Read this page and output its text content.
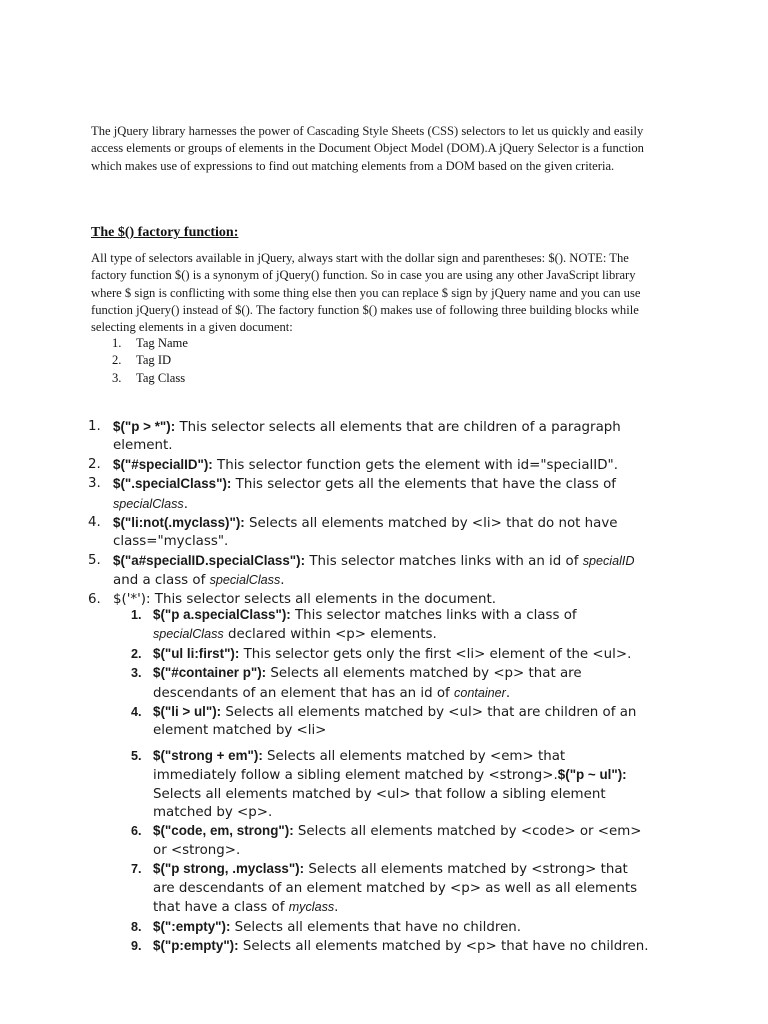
The jQuery library harnesses the power of Cascading Style Sheets (CSS) selectors to let us quickly and easily access elements or groups of elements in the Document Object Model (DOM).A jQuery Selector is a function which makes use of expressions to find out matching elements from a DOM based on the given criteria.
The $() factory function:
All type of selectors available in jQuery, always start with the dollar sign and parentheses: $(). NOTE: The factory function $() is a synonym of jQuery() function. So in case you are using any other JavaScript library where $ sign is conflicting with some thing else then you can replace $ sign by jQuery name and you can use function jQuery() instead of $(). The factory function $() makes use of following three building blocks while selecting elements in a given document:
1.	Tag Name
2.	Tag ID
3.	Tag Class
1. $("p > *"): This selector selects all elements that are children of a paragraph element.
2. $("#specialID"): This selector function gets the element with id="specialID".
3. $(".specialClass"): This selector gets all the elements that have the class of specialClass.
4. $("li:not(.myclass)"): Selects all elements matched by <li> that do not have class="myclass".
5. $("a#specialID.specialClass"): This selector matches links with an id of specialID and a class of specialClass.
6. $('*'): This selector selects all elements in the document.
1. $("p a.specialClass"): This selector matches links with a class of specialClass declared within <p> elements.
2. $("ul li:first"): This selector gets only the first <li> element of the <ul>.
3. $("#container p"): Selects all elements matched by <p> that are descendants of an element that has an id of container.
4. $("li > ul"): Selects all elements matched by <ul> that are children of an element matched by <li>
5. $("strong + em"): Selects all elements matched by <em> that immediately follow a sibling element matched by <strong>.$("p ~ ul"): Selects all elements matched by <ul> that follow a sibling element matched by <p>.
6. $("code, em, strong"): Selects all elements matched by <code> or <em> or <strong>.
7. $("p strong, .myclass"): Selects all elements matched by <strong> that are descendants of an element matched by <p> as well as all elements that have a class of myclass.
8. $(":empty"): Selects all elements that have no children.
9. $("p:empty"): Selects all elements matched by <p> that have no children.
